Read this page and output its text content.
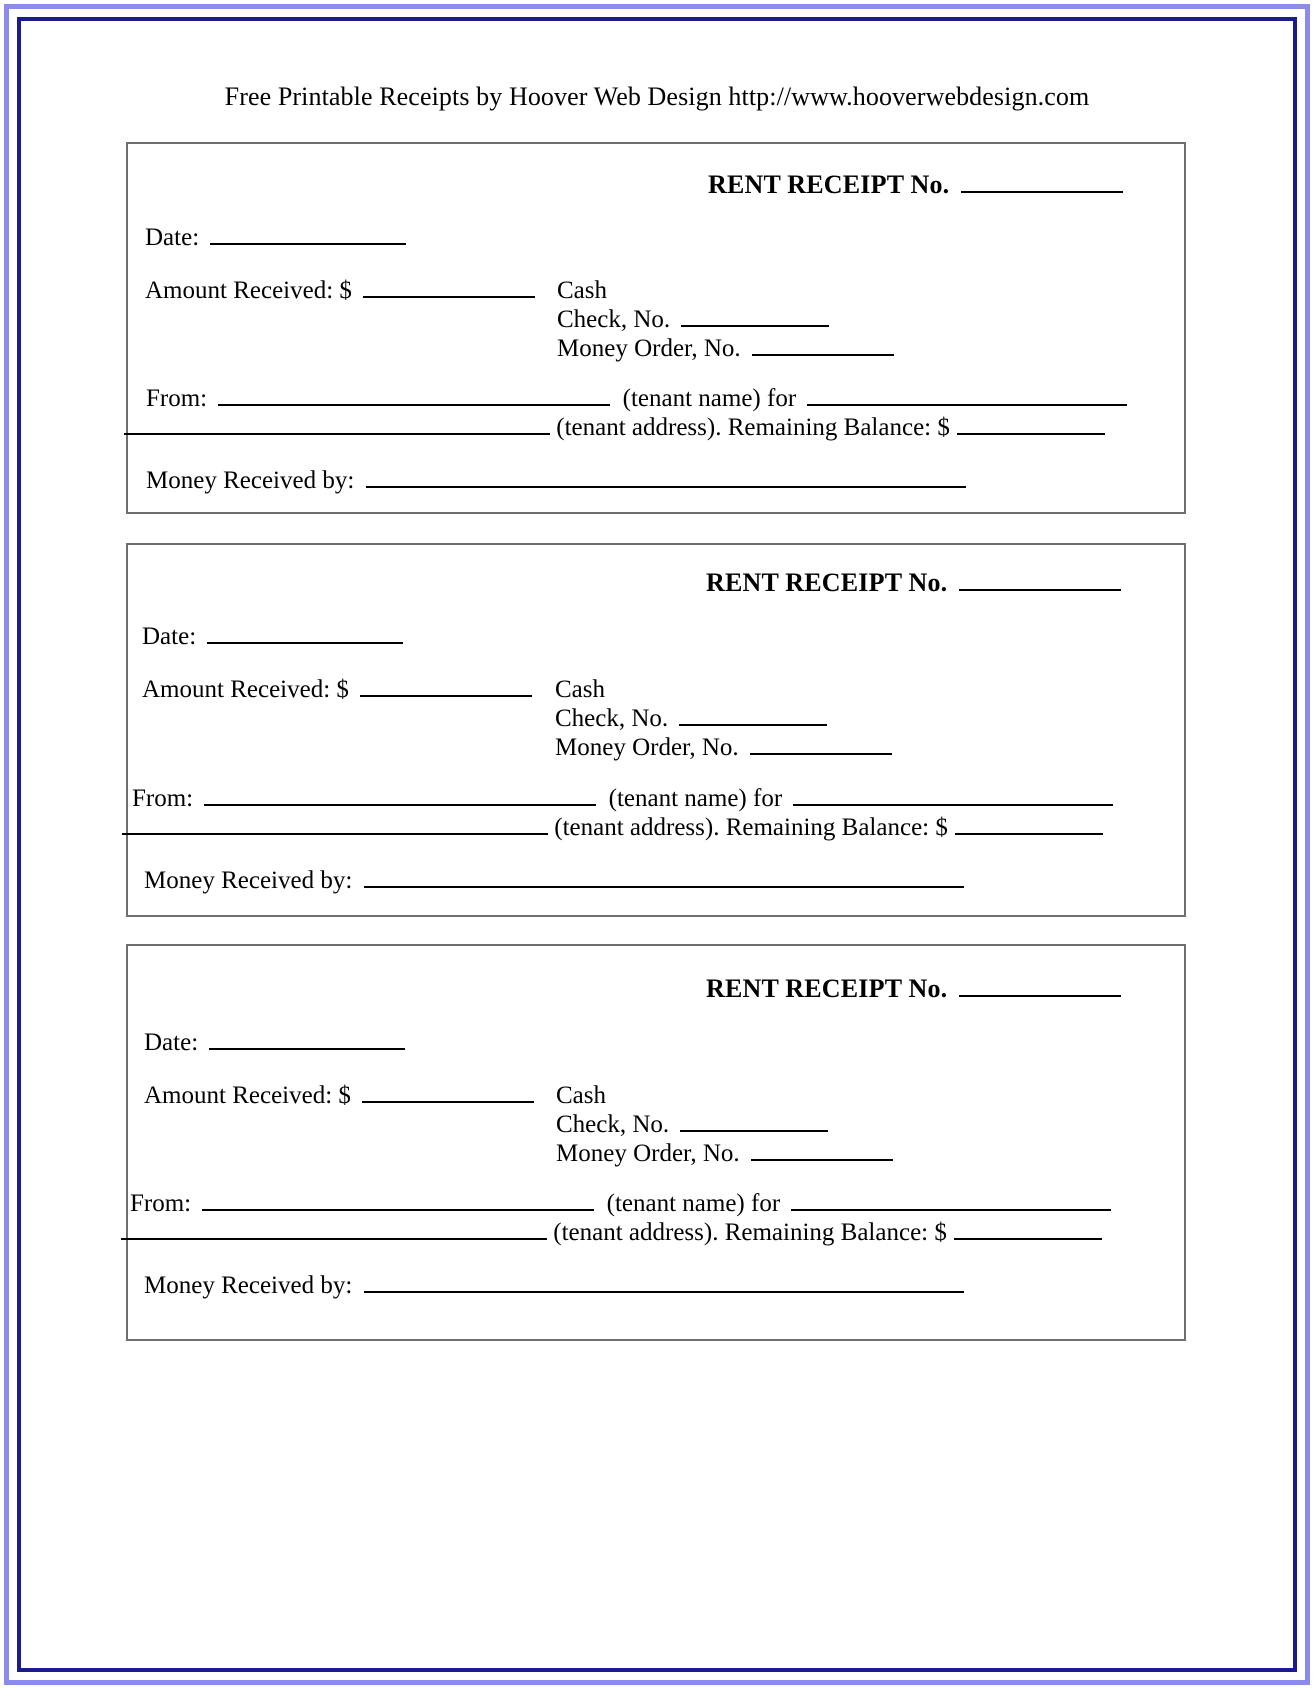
Free Printable Receipts by Hoover Web Design http://www.hooverwebdesign.com
RENT RECEIPT No.
Date:
Amount Received: $	Cash
Check, No.
Money Order, No.
From:	(tenant name) for
(tenant address). Remaining Balance: $
Money Received by:
RENT RECEIPT No.
Date:
Amount Received: $	Cash
Check, No.
Money Order, No.
From:	(tenant name) for
(tenant address). Remaining Balance: $
Money Received by:
RENT RECEIPT No.
Date:
Amount Received: $	Cash
Check, No.
Money Order, No.
From:	(tenant name) for
(tenant address). Remaining Balance: $
Money Received by:
